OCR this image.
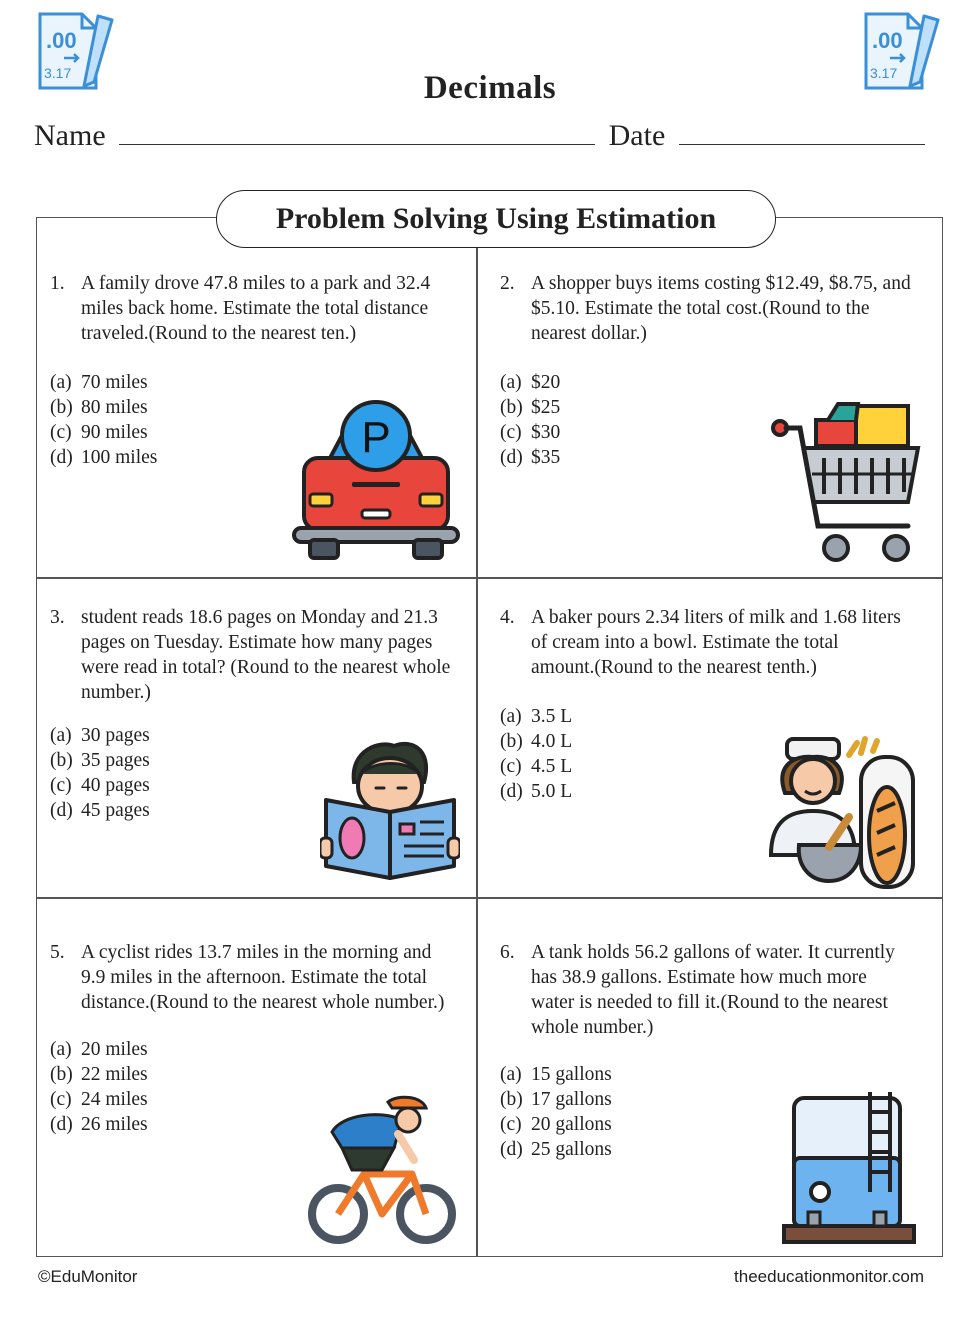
.00
3.17
.00
3.17
Decimals
Name	Date
Problem Solving Using Estimation
1. A family drove 47.8 miles to a park and 32.4
miles back home. Estimate the total distance
traveled.(Round to the nearest ten.)
(a) 70 miles
(b) 80 miles
(c) 90 miles
(d) 100 miles	P
2. A shopper buys items costing $12.49, $8.75, and
$5.10. Estimate the total cost.(Round to the
nearest dollar.)
(a) $20
(b) $25
(c) $30
(d) $35
3. student reads 18.6 pages on Monday and 21.3
pages on Tuesday. Estimate how many pages
were read in total? (Round to the nearest whole
number.)
(a) 30 pages
(b) 35 pages
(c) 40 pages
(d) 45 pages
4. A baker pours 2.34 liters of milk and 1.68 liters
of cream into a bowl. Estimate the total
amount.(Round to the nearest tenth.)
(a) 3.5 L
(b) 4.0 L
(c) 4.5 L
(d) 5.0 L
5. A cyclist rides 13.7 miles in the morning and
9.9 miles in the afternoon. Estimate the total
distance.(Round to the nearest whole number.)
(a) 20 miles
(b) 22 miles
(c) 24 miles
(d) 26 miles
6. A tank holds 56.2 gallons of water. It currently
has 38.9 gallons. Estimate how much more
water is needed to fill it.(Round to the nearest
whole number.)
(a) 15 gallons
(b) 17 gallons
(c) 20 gallons
(d) 25 gallons
©EduMonitor	theeducationmonitor.com
